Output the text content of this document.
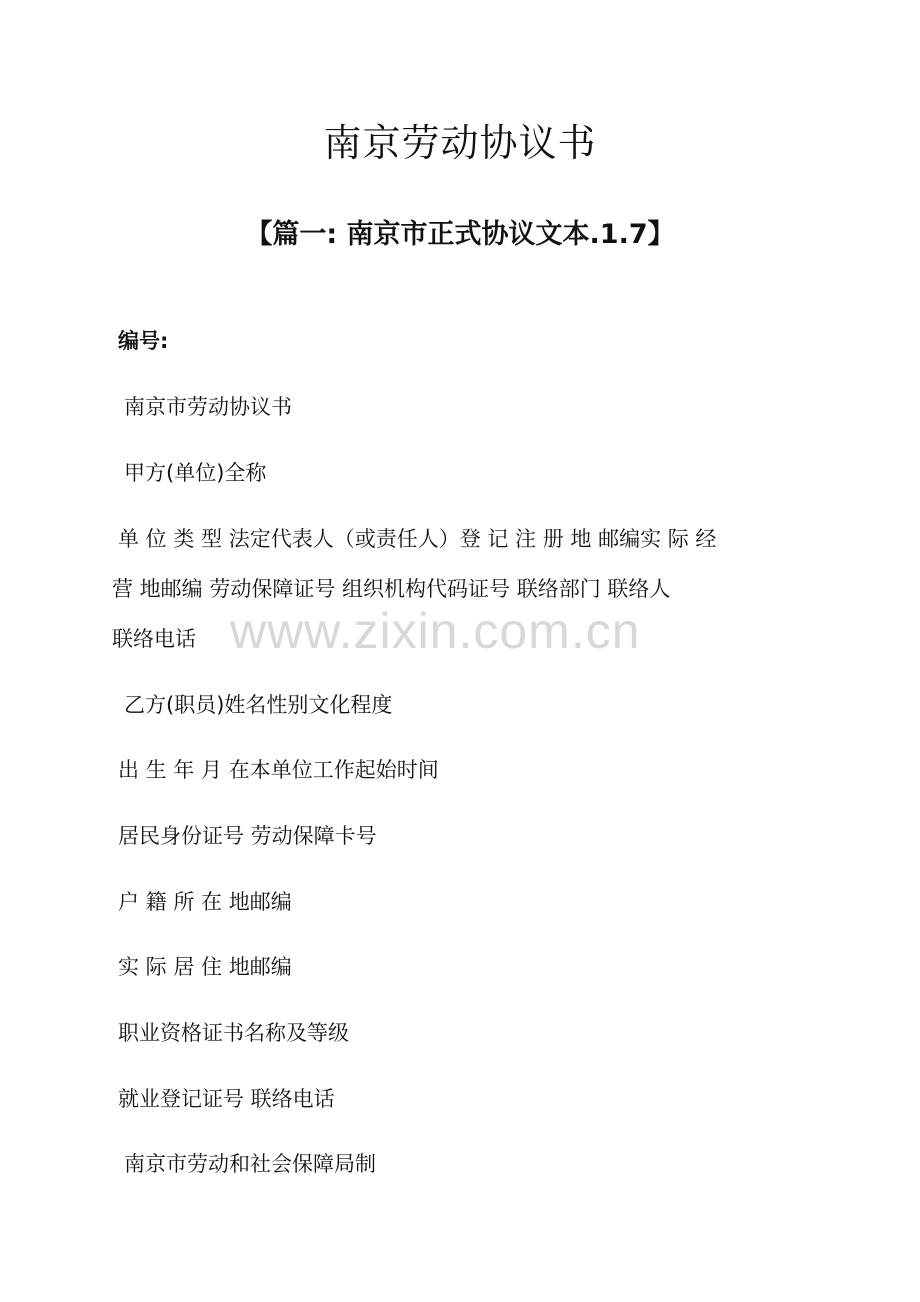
南京劳动协议书
【篇一: 南京市正式协议文本.1.7】

编号:

南京市劳动协议书

甲方(单位)全称

单 位 类 型 法定代表人（或责任人）登 记 注 册 地 邮编实 际 经

营 地邮编 劳动保障证号 组织机构代码证号 联络部门 联络人

联络电话 www.zixin.com.cn

乙方(职员)姓名性别文化程度

出 生 年 月 在本单位工作起始时间

居民身份证号 劳动保障卡号

户 籍 所 在 地邮编

实 际 居 住 地邮编

职业资格证书名称及等级

就业登记证号 联络电话

南京市劳动和社会保障局制
